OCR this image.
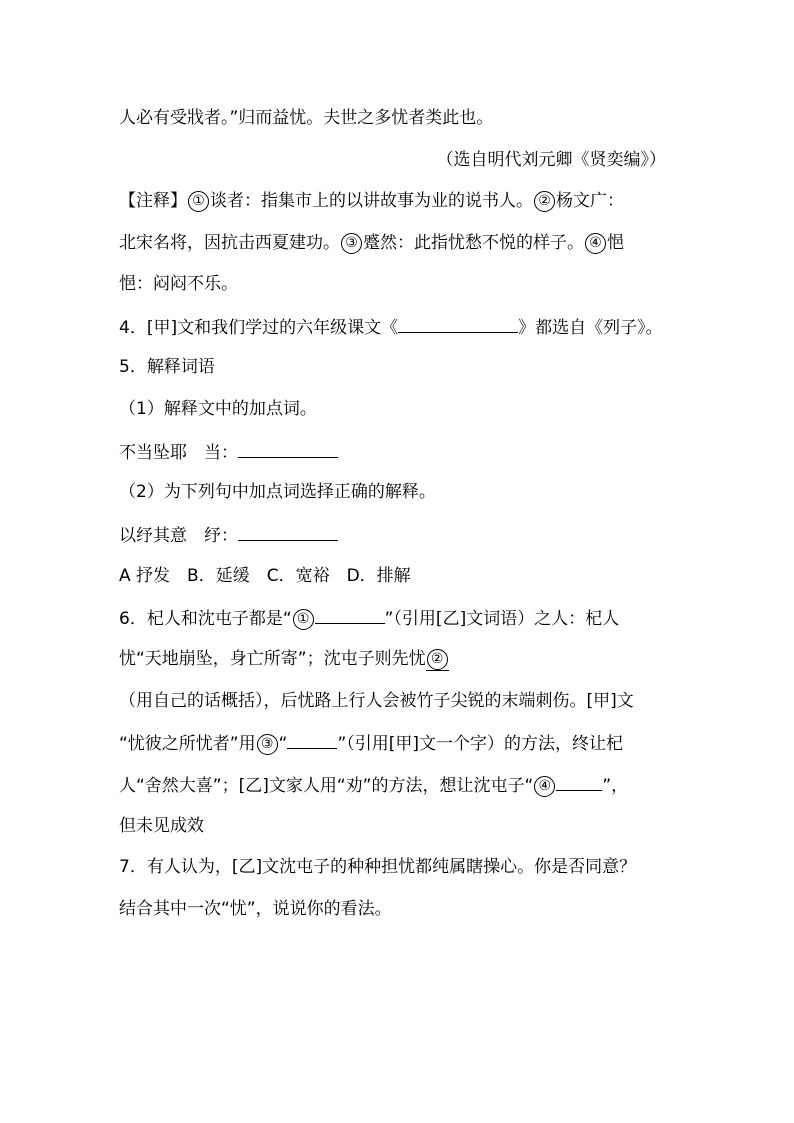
人必有受戕者。”归而益忧。夫世之多忧者类此也。
（选自明代刘元卿《贤奕编》）
【注释】 ① 谈者：指集市上的以讲故事为业的说书人。 ② 杨文广：
北宋名将，因抗击西夏建功。 ③ 蹙然：此指忧愁不悦的样子。 ④ 悒
悒：闷闷不乐。
4．[甲]文和我们学过的六年级课文《	》都选自《列子》。
5．解释词语
（1）解释文中的加点词。
不当坠耶　当：
（2）为下列句中加点词选择正确的解释。
以纾其意　纾：
A 抒发　B．延缓　C．宽裕　D．排解
6．杞人和沈屯子都是“ ①	”（引用[乙]文词语）之人：杞人
忧“天地崩坠，身亡所寄”；沈屯子则先忧 ②
（用自己的话概括），后忧路上行人会被竹子尖锐的末端刺伤。[甲]文
“忧彼之所忧者”用 ③ “	”（引用[甲]文一个字）的方法，终让杞
人“舍然大喜”；[乙]文家人用“劝”的方法，想让沈屯子“ ④	”，
但未见成效
7．有人认为，[乙]文沈屯子的种种担忧都纯属瞎操心。你是否同意？
结合其中一次“忧”，说说你的看法。
